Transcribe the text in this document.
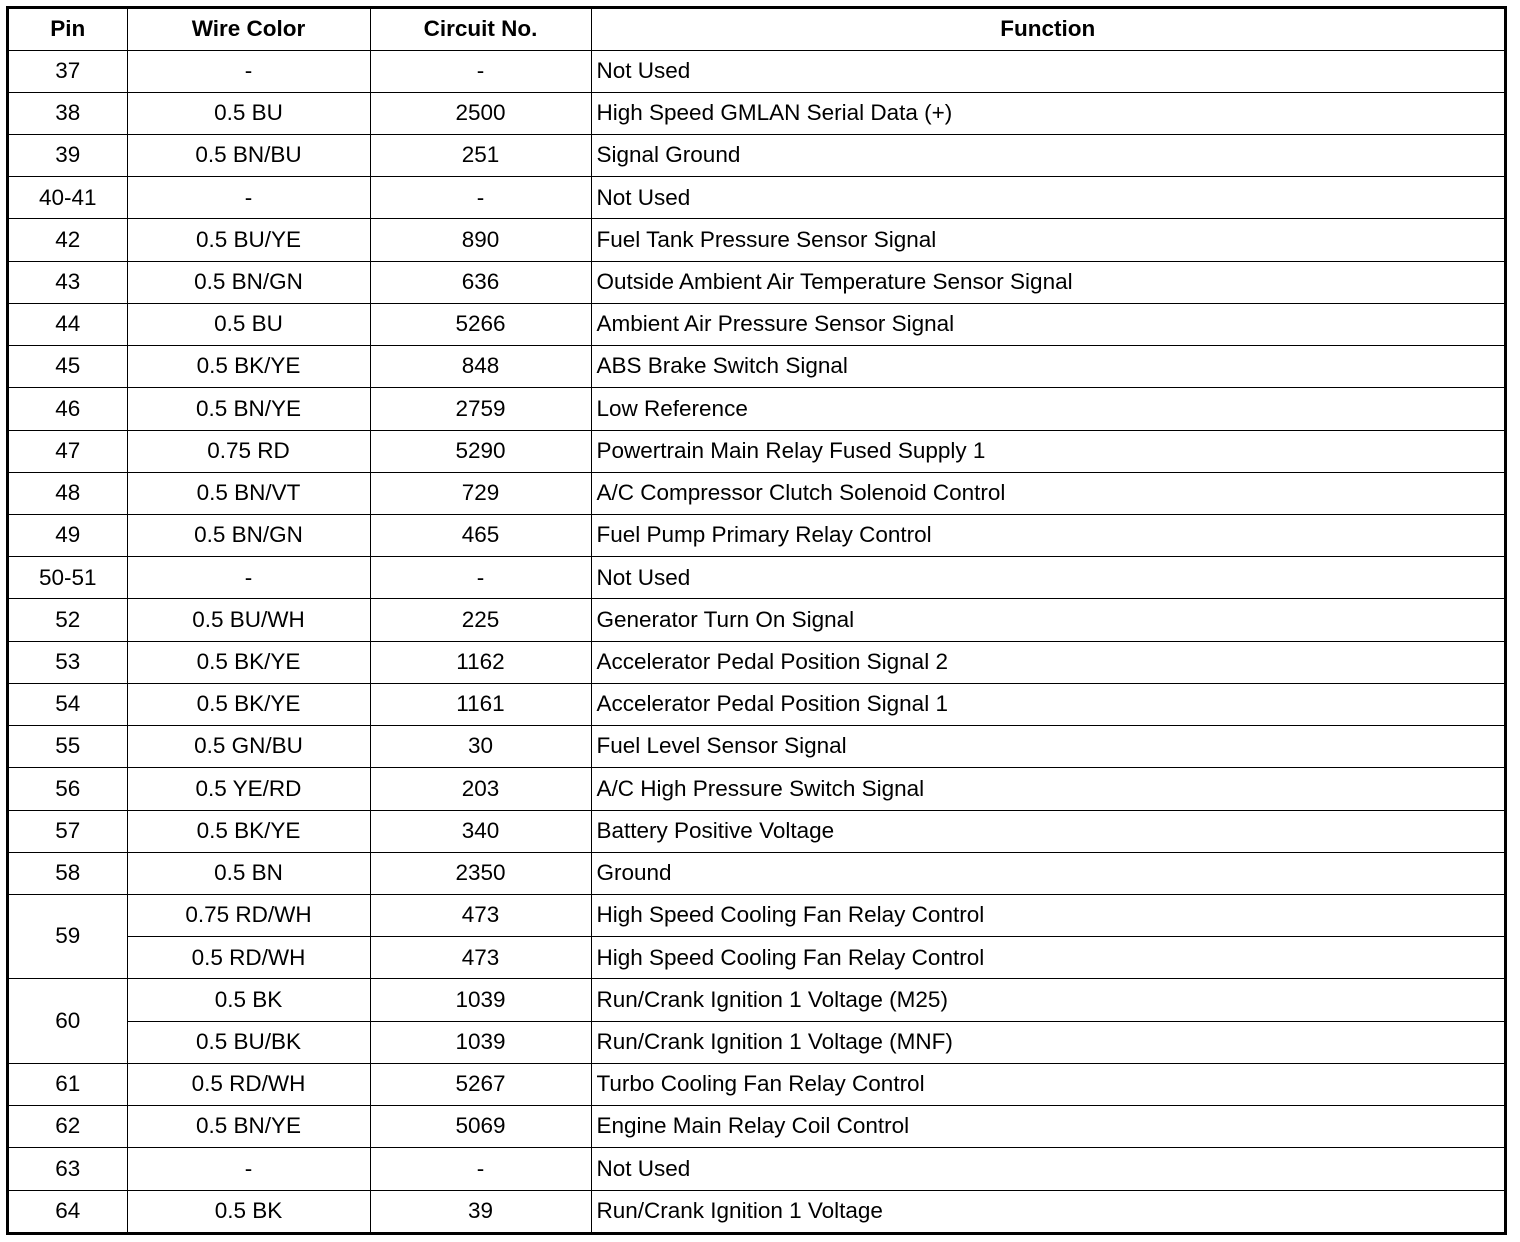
Pin	Wire Color	Circuit No.	Function
37	-	-	Not Used
38	0.5 BU	2500	High Speed GMLAN Serial Data (+)
39	0.5 BN/BU	251	Signal Ground
40-41	-	-	Not Used
42	0.5 BU/YE	890	Fuel Tank Pressure Sensor Signal
43	0.5 BN/GN	636	Outside Ambient Air Temperature Sensor Signal
44	0.5 BU	5266	Ambient Air Pressure Sensor Signal
45	0.5 BK/YE	848	ABS Brake Switch Signal
46	0.5 BN/YE	2759	Low Reference
47	0.75 RD	5290	Powertrain Main Relay Fused Supply 1
48	0.5 BN/VT	729	A/C Compressor Clutch Solenoid Control
49	0.5 BN/GN	465	Fuel Pump Primary Relay Control
50-51	-	-	Not Used
52	0.5 BU/WH	225	Generator Turn On Signal
53	0.5 BK/YE	1162	Accelerator Pedal Position Signal 2
54	0.5 BK/YE	1161	Accelerator Pedal Position Signal 1
55	0.5 GN/BU	30	Fuel Level Sensor Signal
56	0.5 YE/RD	203	A/C High Pressure Switch Signal
57	0.5 BK/YE	340	Battery Positive Voltage
58	0.5 BN	2350	Ground
59	0.75 RD/WH	473	High Speed Cooling Fan Relay Control
	0.5 RD/WH	473	High Speed Cooling Fan Relay Control
60	0.5 BK	1039	Run/Crank Ignition 1 Voltage (M25)
	0.5 BU/BK	1039	Run/Crank Ignition 1 Voltage (MNF)
61	0.5 RD/WH	5267	Turbo Cooling Fan Relay Control
62	0.5 BN/YE	5069	Engine Main Relay Coil Control
63	-	-	Not Used
64	0.5 BK	39	Run/Crank Ignition 1 Voltage
